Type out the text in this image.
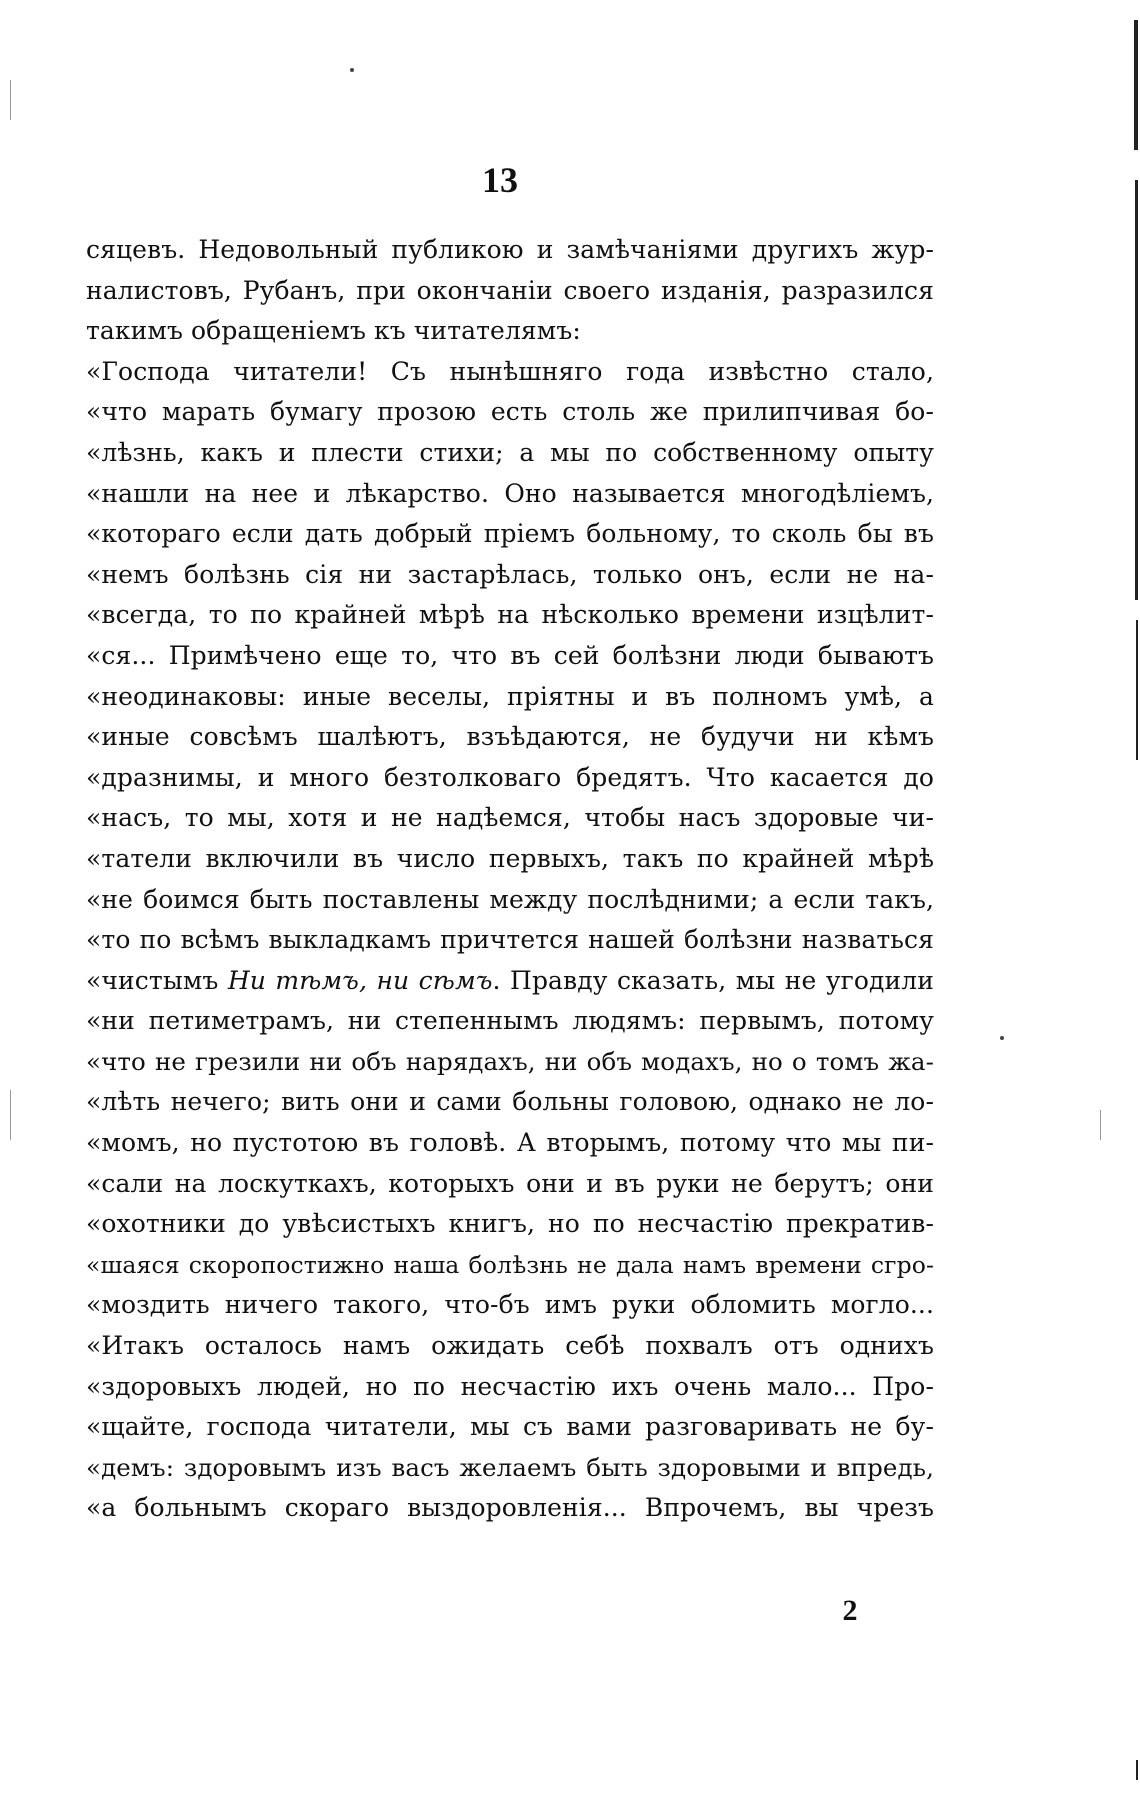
13
сяцевъ. Недовольный публикою и замѣчаніями другихъ жур-
налистовъ, Рубанъ, при окончаніи своего изданія, разразился
такимъ обращеніемъ къ читателямъ:
«Господа читатели! Съ нынѣшняго года извѣстно стало,
«что марать бумагу прозою есть столь же прилипчивая бо-
«лѣзнь, какъ и плести стихи; а мы по собственному опыту
«нашли на нее и лѣкарство. Оно называется многодѣліемъ,
«котораго если дать добрый пріемъ больному, то сколь бы въ
«немъ болѣзнь сія ни застарѣлась, только онъ, если не на-
«всегда, то по крайней мѣрѣ на нѣсколько времени изцѣлит-
«ся... Примѣчено еще то, что въ сей болѣзни люди бываютъ
«неодинаковы: иные веселы, пріятны и въ полномъ умѣ, а
«иные совсѣмъ шалѣютъ, взъѣдаются, не будучи ни кѣмъ
«дразнимы, и много безтолковаго бредятъ. Что касается до
«насъ, то мы, хотя и не надѣемся, чтобы насъ здоровые чи-
«татели включили въ число первыхъ, такъ по крайней мѣрѣ
«не боимся быть поставлены между послѣдними; а если такъ,
«то по всѣмъ выкладкамъ причтется нашей болѣзни назваться
«чистымъ Ни тѣмъ, ни сѣмъ. Правду сказать, мы не угодили
«ни петиметрамъ, ни степеннымъ людямъ: первымъ, потому
«что не грезили ни объ нарядахъ, ни объ модахъ, но о томъ жа-
«лѣть нечего; вить они и сами больны головою, однако не ло-
«момъ, но пустотою въ головѣ. А вторымъ, потому что мы пи-
«сали на лоскуткахъ, которыхъ они и въ руки не берутъ; они
«охотники до увѣсистыхъ книгъ, но по несчастію прекратив-
«шаяся скоропостижно наша болѣзнь не дала намъ времени сгро-
«моздить ничего такого, что-бъ имъ руки обломить могло...
«Итакъ осталось намъ ожидать себѣ похвалъ отъ однихъ
«здоровыхъ людей, но по несчастію ихъ очень мало... Про-
«щайте, господа читатели, мы съ вами разговаривать не бу-
«демъ: здоровымъ изъ васъ желаемъ быть здоровыми и впредь,
«а больнымъ скораго выздоровленія... Впрочемъ, вы чрезъ
2
